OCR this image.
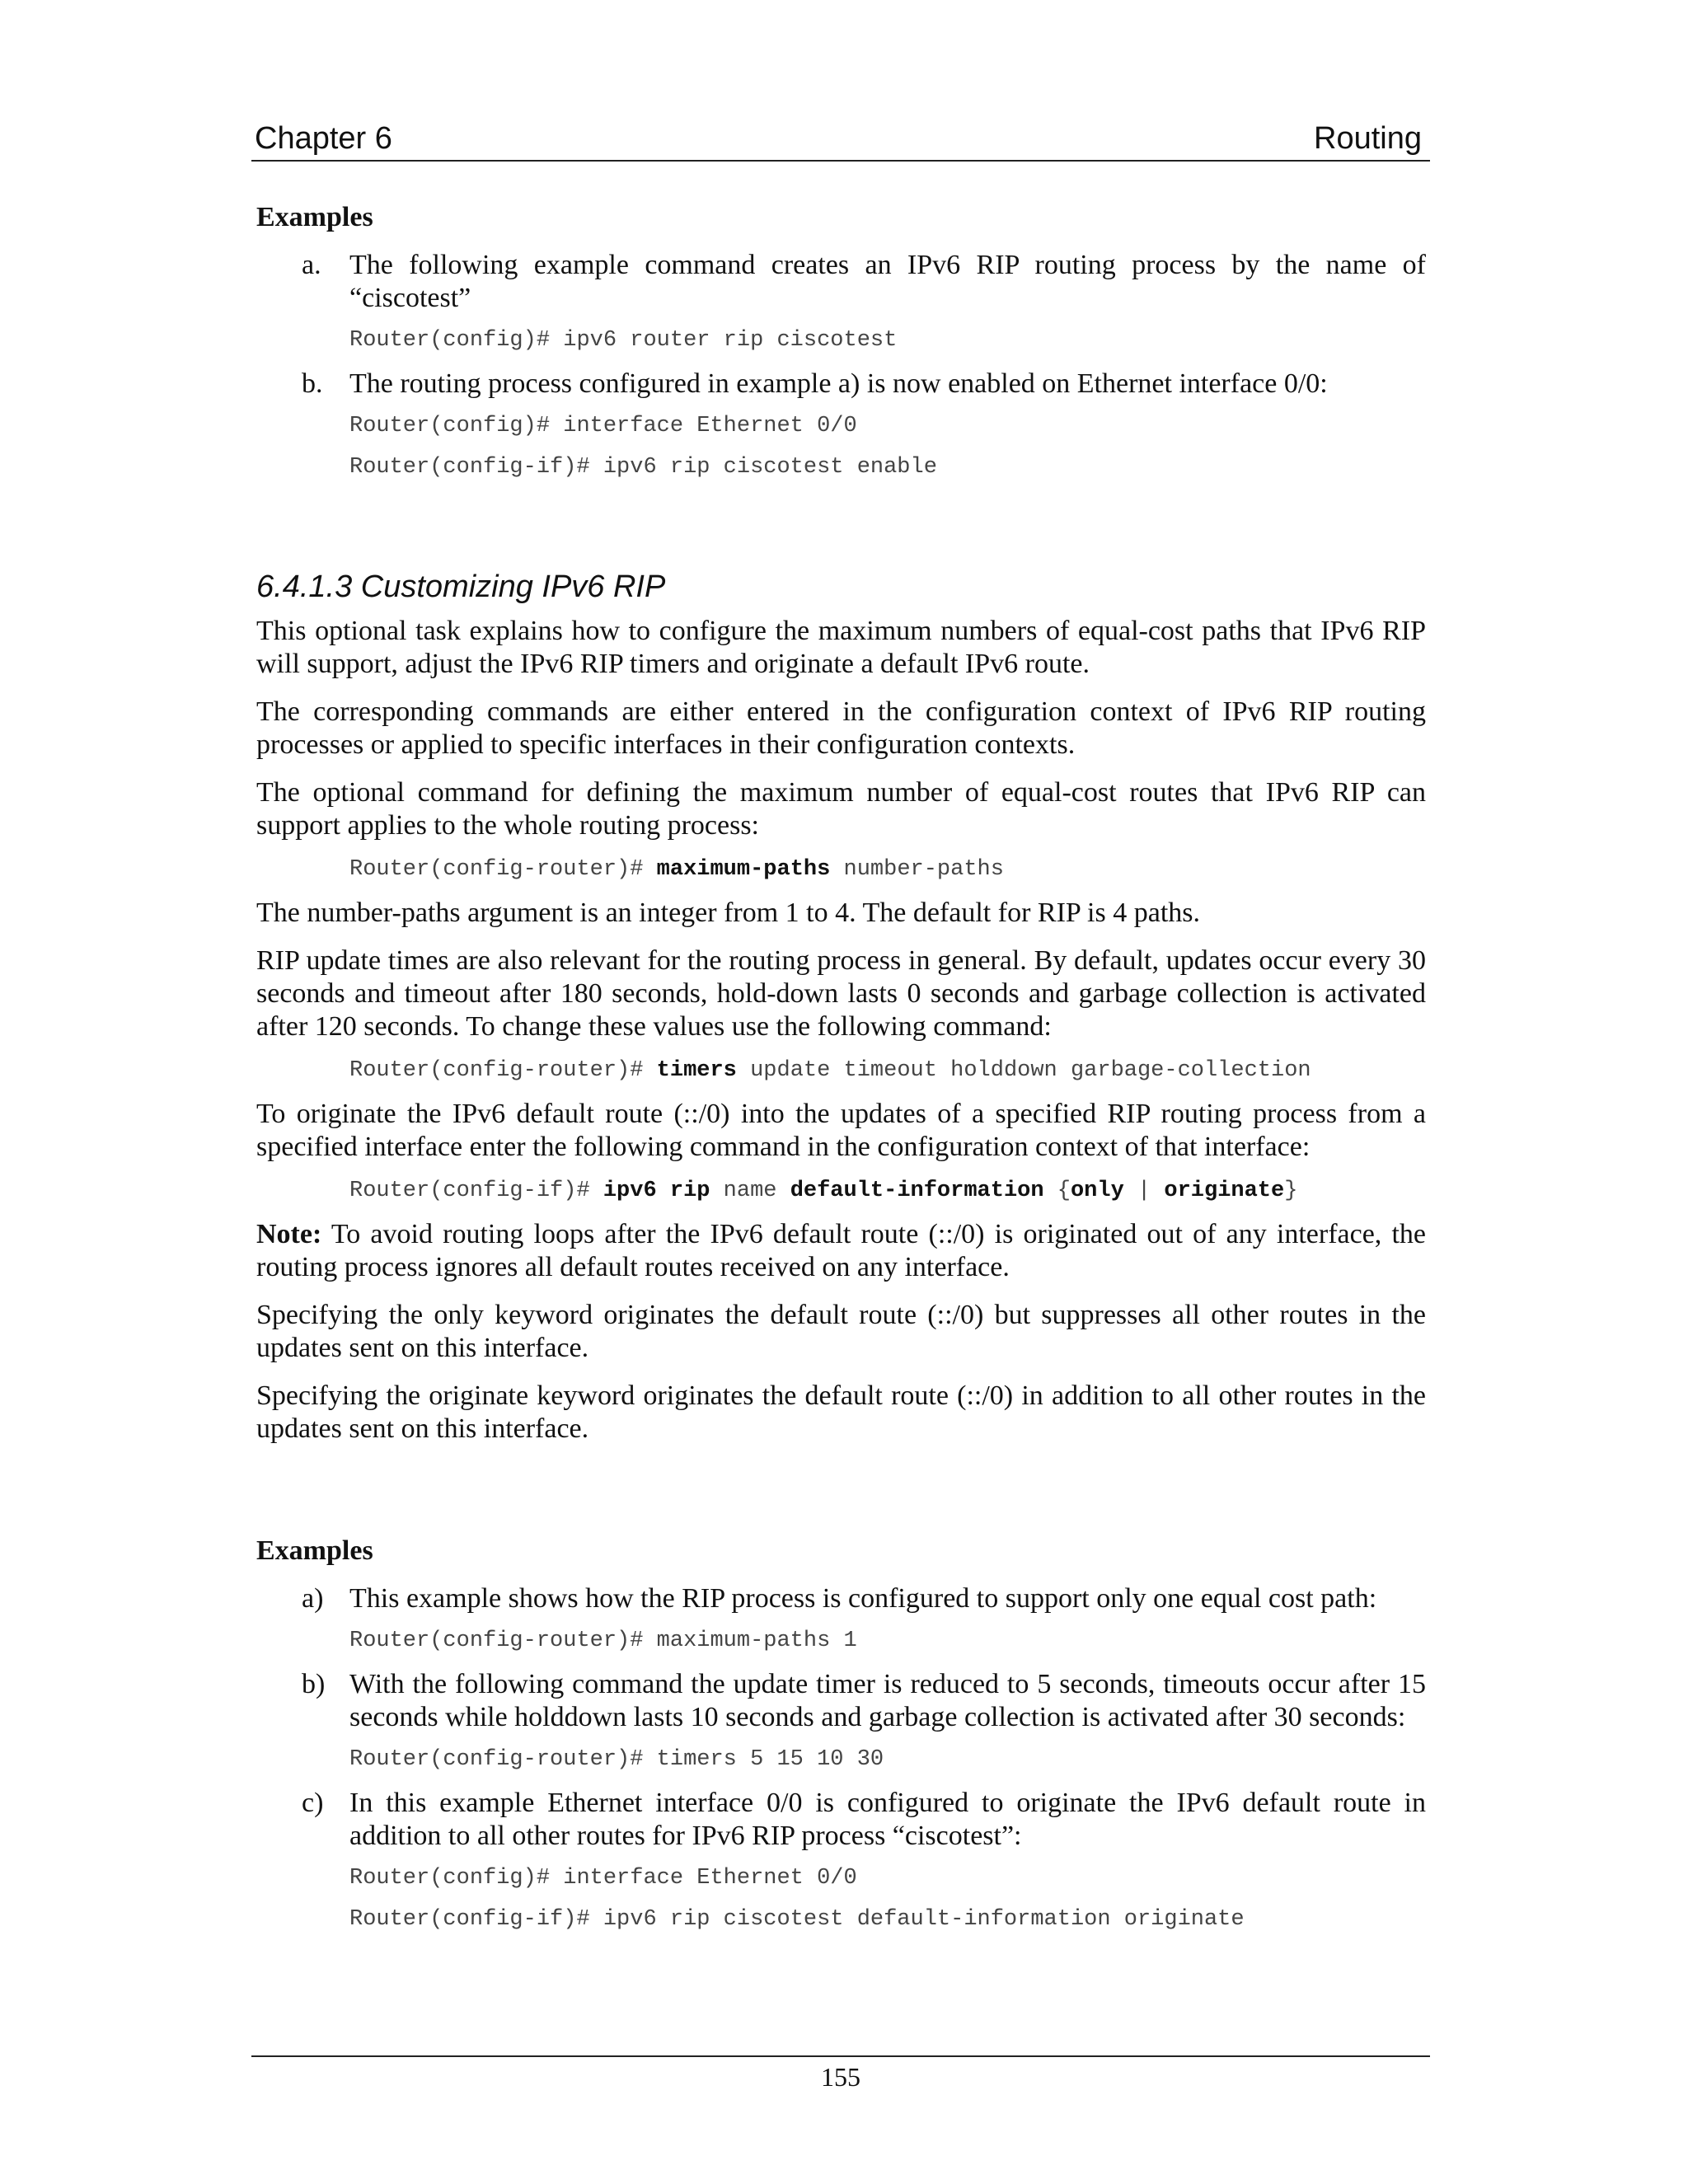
Chapter 6	Routing
Examples
a. The following example command creates an IPv6 RIP routing process by the name of “ciscotest”

Router(config)# ipv6 router rip ciscotest
b. The routing process configured in example a) is now enabled on Ethernet interface 0/0:

Router(config)# interface Ethernet 0/0
Router(config-if)# ipv6 rip ciscotest enable
6.4.1.3 Customizing IPv6 RIP

This optional task explains how to configure the maximum numbers of equal-cost paths that IPv6 RIP will support, adjust the IPv6 RIP timers and originate a default IPv6 route.

The corresponding commands are either entered in the configuration context of IPv6 RIP routing processes or applied to specific interfaces in their configuration contexts.

The optional command for defining the maximum number of equal-cost routes that IPv6 RIP can support applies to the whole routing process:

Router(config-router)# maximum-paths number-paths

The number-paths argument is an integer from 1 to 4. The default for RIP is 4 paths.

RIP update times are also relevant for the routing process in general. By default, updates occur every 30 seconds and timeout after 180 seconds, hold-down lasts 0 seconds and garbage collection is activated after 120 seconds. To change these values use the following command:

Router(config-router)# timers update timeout holddown garbage-collection

To originate the IPv6 default route (::/0) into the updates of a specified RIP routing process from a specified interface enter the following command in the configuration context of that interface:

Router(config-if)# ipv6 rip name default-information {only | originate}

Note: To avoid routing loops after the IPv6 default route (::/0) is originated out of any interface, the routing process ignores all default routes received on any interface.

Specifying the only keyword originates the default route (::/0) but suppresses all other routes in the updates sent on this interface.

Specifying the originate keyword originates the default route (::/0) in addition to all other routes in the updates sent on this interface.

Examples
a) This example shows how the RIP process is configured to support only one equal cost path:

Router(config-router)# maximum-paths 1
b) With the following command the update timer is reduced to 5 seconds, timeouts occur after 15 seconds while holddown lasts 10 seconds and garbage collection is activated after 30 seconds:

Router(config-router)# timers 5 15 10 30
c) In this example Ethernet interface 0/0 is configured to originate the IPv6 default route in addition to all other routes for IPv6 RIP process “ciscotest”:

Router(config)# interface Ethernet 0/0
Router(config-if)# ipv6 rip ciscotest default-information originate
155
